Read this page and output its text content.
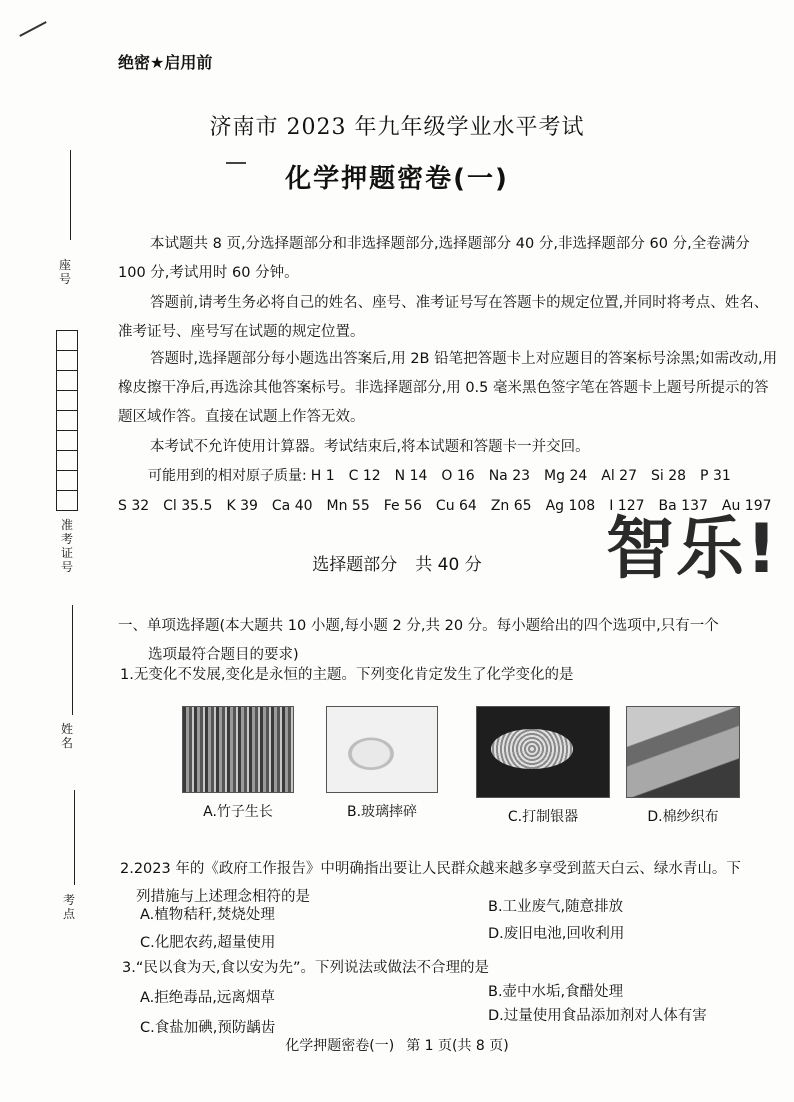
座号
准考证号
姓名
考点
绝密★启用前
济南市 2023 年九年级学业水平考试
化学押题密卷(一)
本试题共 8 页,分选择题部分和非选择题部分,选择题部分 40 分,非选择题部分 60 分,全卷满分 100 分,考试用时 60 分钟。
答题前,请考生务必将自己的姓名、座号、准考证号写在答题卡的规定位置,并同时将考点、姓名、准考证号、座号写在试题的规定位置。
答题时,选择题部分每小题选出答案后,用 2B 铅笔把答题卡上对应题目的答案标号涂黑;如需改动,用橡皮擦干净后,再选涂其他答案标号。非选择题部分,用 0.5 毫米黑色签字笔在答题卡上题号所提示的答题区域作答。直接在试题上作答无效。
本考试不允许使用计算器。考试结束后,将本试题和答题卡一并交回。
可能用到的相对原子质量: H 1 C 12 N 14 O 16 Na 23 Mg 24 Al 27 Si 28 P 31
S 32 Cl 35.5 K 39 Ca 40 Mn 55 Fe 56 Cu 64 Zn 65 Ag 108 I 127 Ba 137 Au 197
智乐!
选择题部分 共 40 分
一、单项选择题(本大题共 10 小题,每小题 2 分,共 20 分。每小题给出的四个选项中,只有一个
选项最符合题目的要求)
1.无变化不发展,变化是永恒的主题。下列变化肯定发生了化学变化的是
A.竹子生长	B.玻璃摔碎	C.打制银器	D.棉纱织布
2.2023 年的《政府工作报告》中明确指出要让人民群众越来越多享受到蓝天白云、绿水青山。下
列措施与上述理念相符的是
A.植物秸秆,焚烧处理	B.工业废气,随意排放
C.化肥农药,超量使用
D.废旧电池,回收利用
3.“民以食为天,食以安为先”。下列说法或做法不合理的是
A.拒绝毒品,远离烟草	B.壶中水垢,食醋处理
C.食盐加碘,预防龋齿
D.过量使用食品添加剂对人体有害
化学押题密卷(一) 第 1 页(共 8 页)
